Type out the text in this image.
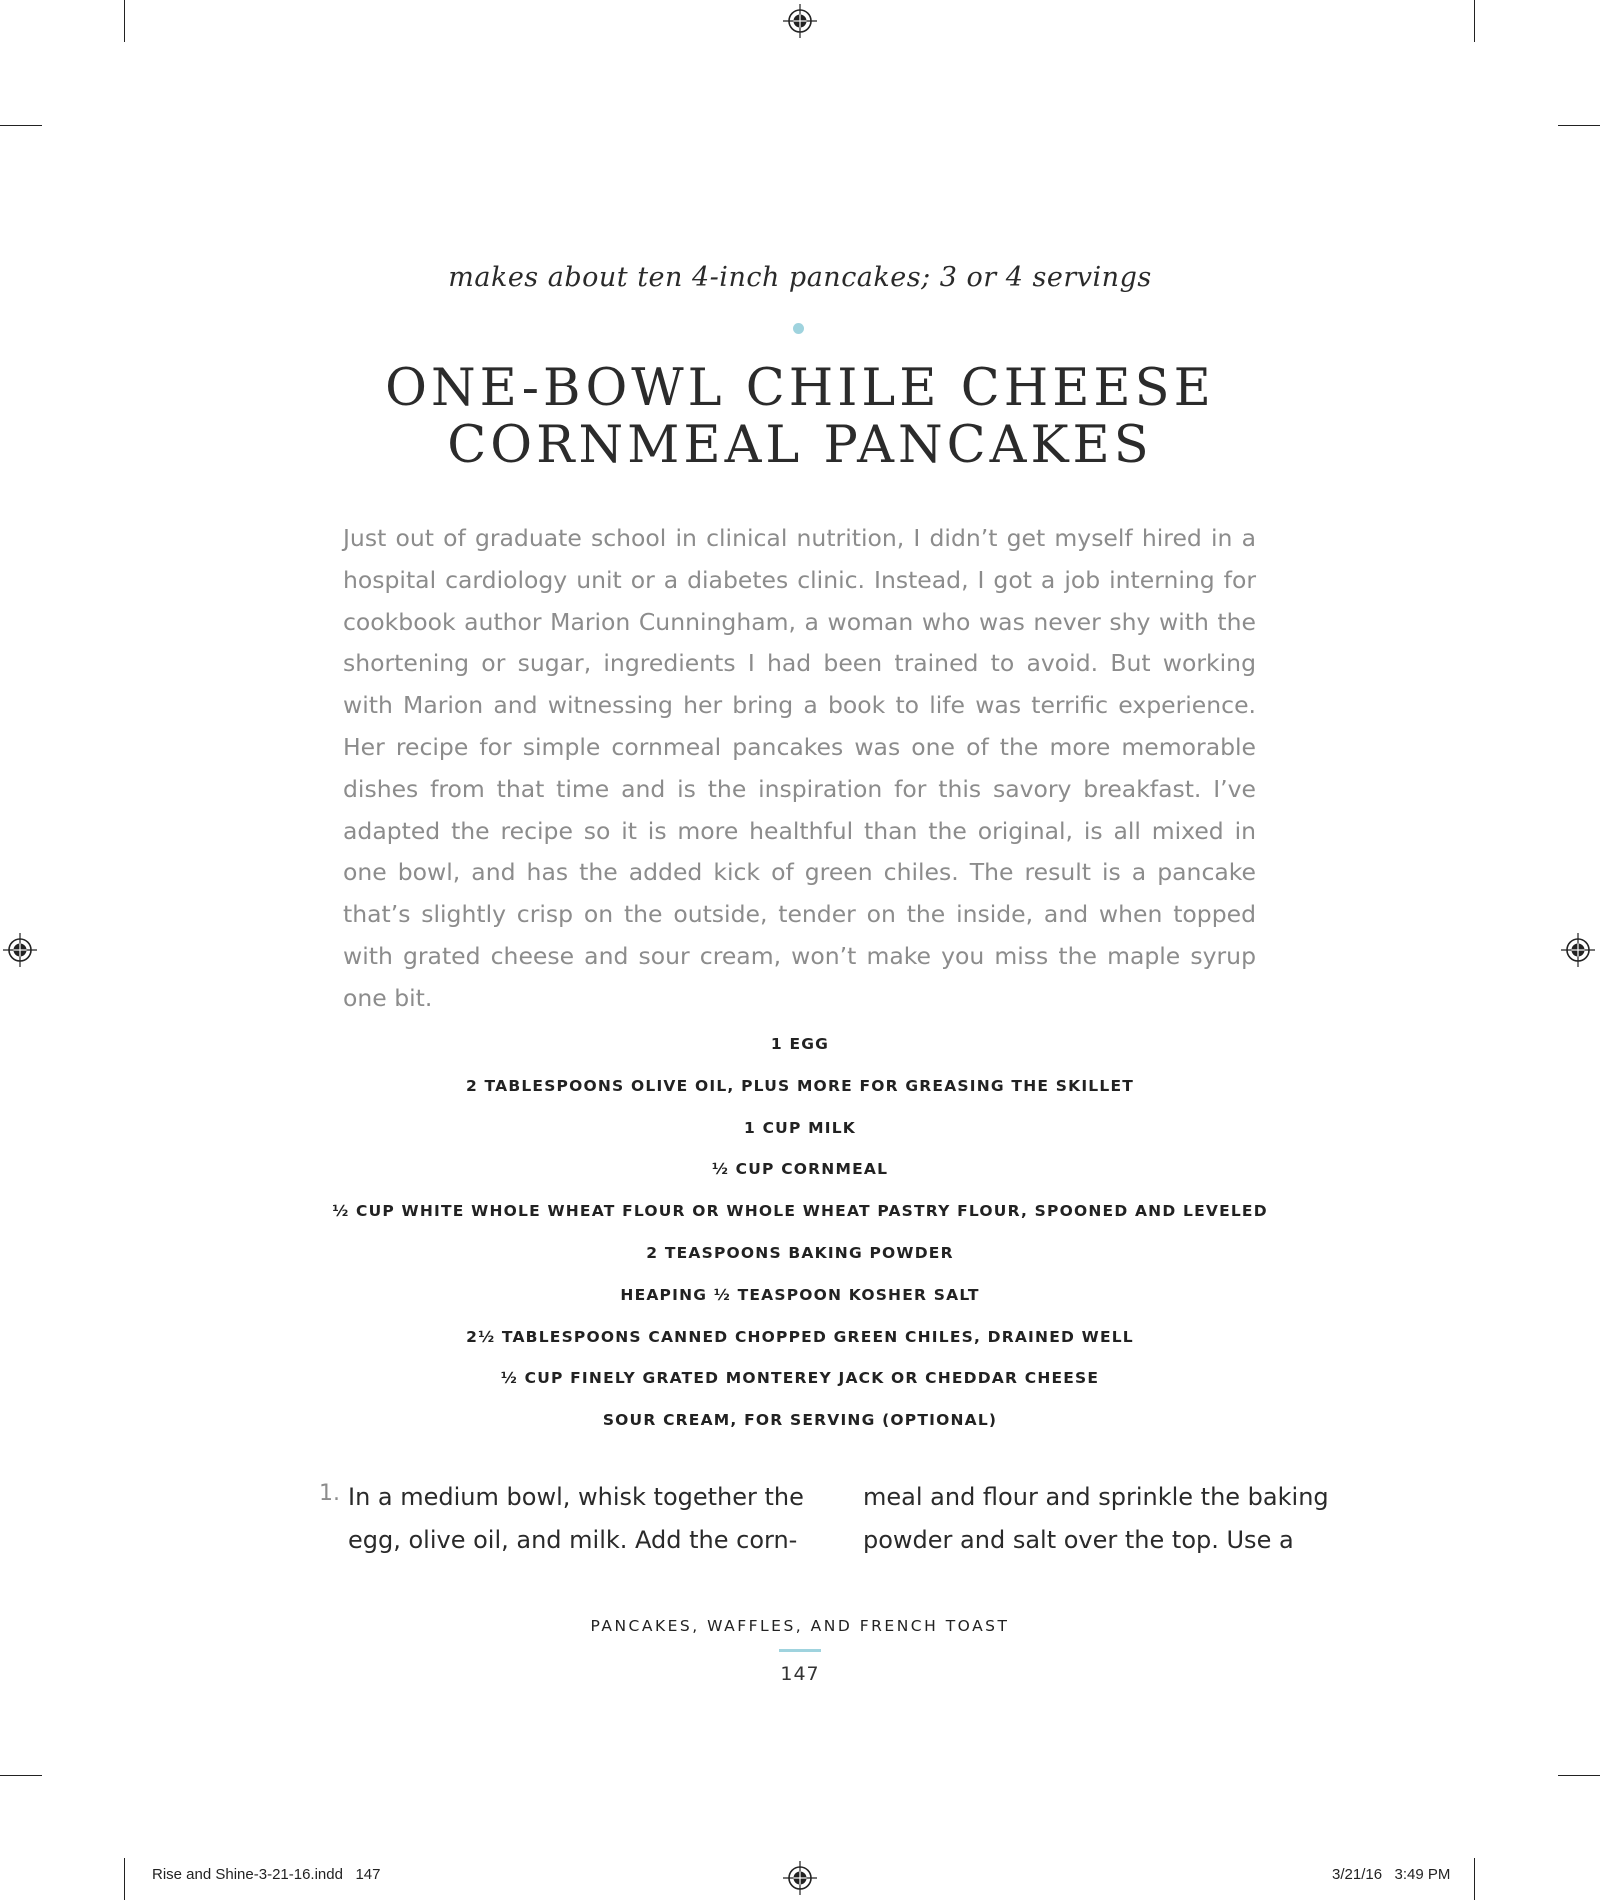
makes about ten 4-inch pancakes; 3 or 4 servings
ONE-BOWL CHILE CHEESE
CORNMEAL PANCAKES

Just out of graduate school in clinical nutrition, I didn’t get myself hired in a hospital cardiology unit or a diabetes clinic. Instead, I got a job interning for cookbook author Marion Cunningham, a woman who was never shy with the shortening or sugar, ingredients I had been trained to avoid. But working with Marion and witnessing her bring a book to life was terrific experience. Her recipe for simple cornmeal pancakes was one of the more memorable dishes from that time and is the inspiration for this savory breakfast. I’ve adapted the recipe so it is more healthful than the original, is all mixed in one bowl, and has the added kick of green chiles. The result is a pancake that’s slightly crisp on the outside, tender on the inside, and when topped with grated cheese and sour cream, won’t make you miss the maple syrup one bit.

1 EGG
2 TABLESPOONS OLIVE OIL, PLUS MORE FOR GREASING THE SKILLET
1 CUP MILK
½ CUP CORNMEAL
½ CUP WHITE WHOLE WHEAT FLOUR OR WHOLE WHEAT PASTRY FLOUR, SPOONED AND LEVELED
2 TEASPOONS BAKING POWDER
HEAPING ½ TEASPOON KOSHER SALT
2½ TABLESPOONS CANNED CHOPPED GREEN CHILES, DRAINED WELL
½ CUP FINELY GRATED MONTEREY JACK OR CHEDDAR CHEESE
SOUR CREAM, FOR SERVING (OPTIONAL)
1. In a medium bowl, whisk together the
egg, olive oil, and milk. Add the corn-

meal and flour and sprinkle the baking
powder and salt over the top. Use a

PANCAKES, WAFFLES, AND FRENCH TOAST
147
Rise and Shine-3-21-16.indd   147	3/21/16   3:49 PM
